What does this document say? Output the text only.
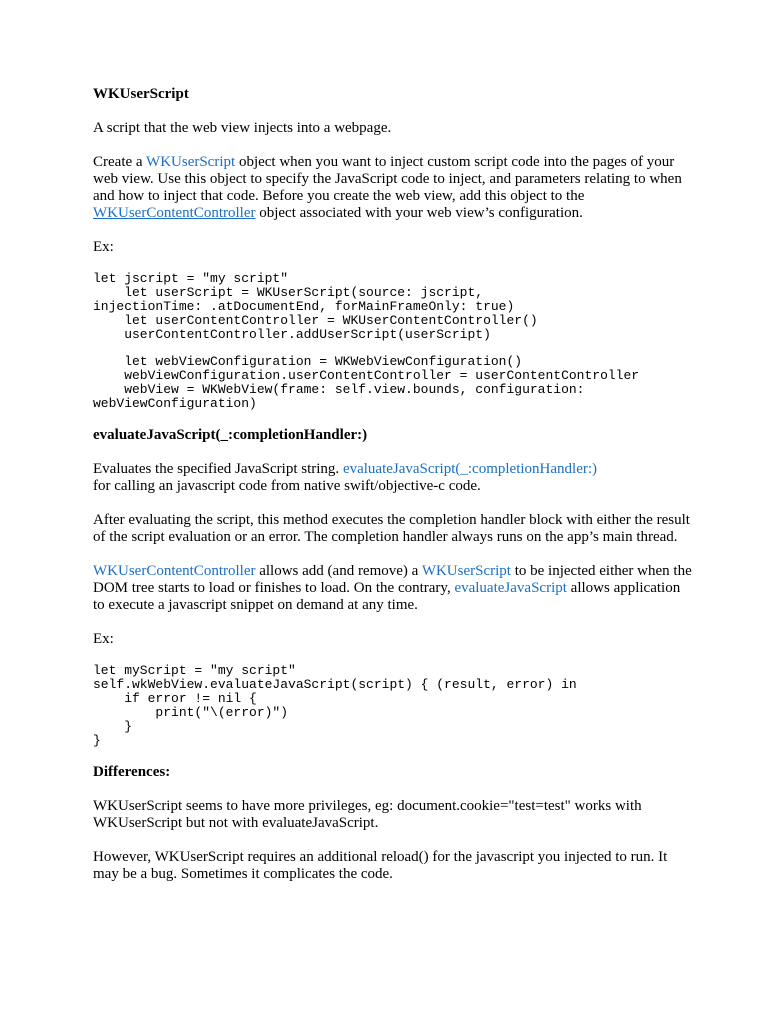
WKUserScript

A script that the web view injects into a webpage.

Create a WKUserScript object when you want to inject custom script code into the pages of your web view. Use this object to specify the JavaScript code to inject, and parameters relating to when and how to inject that code. Before you create the web view, add this object to the WKUserContentController object associated with your web view’s configuration.

Ex:

let jscript = "my script"
let userScript = WKUserScript(source: jscript,
injectionTime: .atDocumentEnd, forMainFrameOnly: true)
let userContentController = WKUserContentController()
userContentController.addUserScript(userScript)

let webViewConfiguration = WKWebViewConfiguration()
webViewConfiguration.userContentController = userContentController
webView = WKWebView(frame: self.view.bounds, configuration:
webViewConfiguration)

evaluateJavaScript(_:completionHandler:)

Evaluates the specified JavaScript string. evaluateJavaScript(_:completionHandler:)
for calling an javascript code from native swift/objective-c code.

After evaluating the script, this method executes the completion handler block with either the result of the script evaluation or an error. The completion handler always runs on the app’s main thread.

WKUserContentController allows add (and remove) a WKUserScript to be injected either when the DOM tree starts to load or finishes to load. On the contrary, evaluateJavaScript allows application to execute a javascript snippet on demand at any time.

Ex:

let myScript = "my script"
self.wkWebView.evaluateJavaScript(script) { (result, error) in
if error != nil {
print("\(error)")
}
}

Differences:

WKUserScript seems to have more privileges, eg: document.cookie="test=test" works with WKUserScript but not with evaluateJavaScript.

However, WKUserScript requires an additional reload() for the javascript you injected to run. It may be a bug. Sometimes it complicates the code.
